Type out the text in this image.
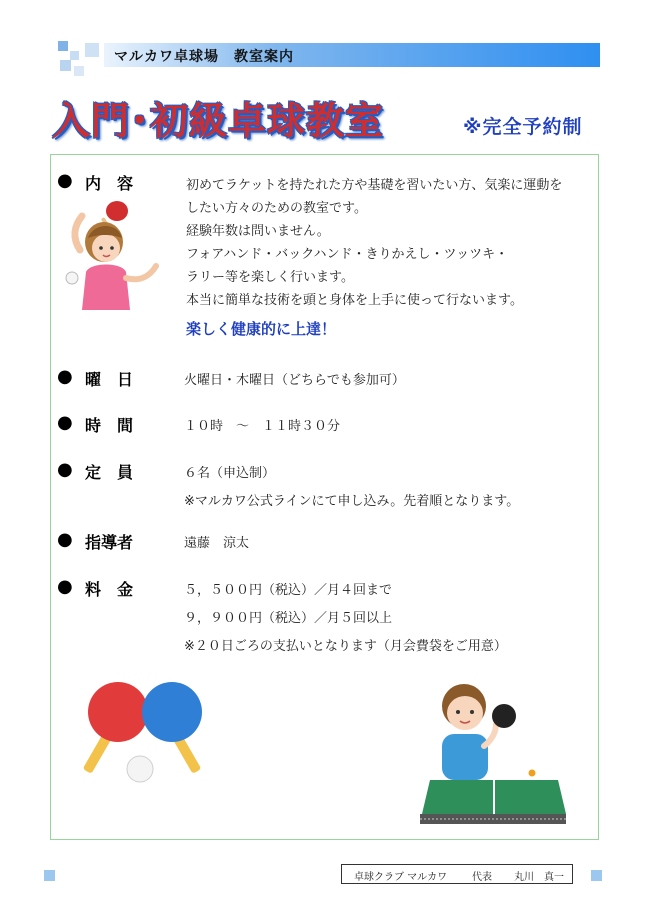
マルカワ卓球場　教室案内
入門･初級卓球教室	※完全予約制
● 内　容	初めてラケットを持たれた方や基礎を習いたい方、気楽に運動を
したい方々のための教室です。
経験年数は問いません。
フォアハンド・バックハンド・きりかえし・ツッツキ・
ラリー等を楽しく行います。
本当に簡単な技術を頭と身体を上手に使って行ないます。
楽しく健康的に上達！
● 曜　日	火曜日・木曜日（どちらでも参加可）
● 時　間	１０時　～　１１時３０分
● 定　員	６名（申込制）
※マルカワ公式ラインにて申し込み。先着順となります。
● 指導者	遠藤　涼太
● 料　金	５，５００円（税込）／月４回まで
９，９００円（税込）／月５回以上
※２０日ごろの支払いとなります（月会費袋をご用意）
卓球クラブ マルカワ 代表 丸川　真一
